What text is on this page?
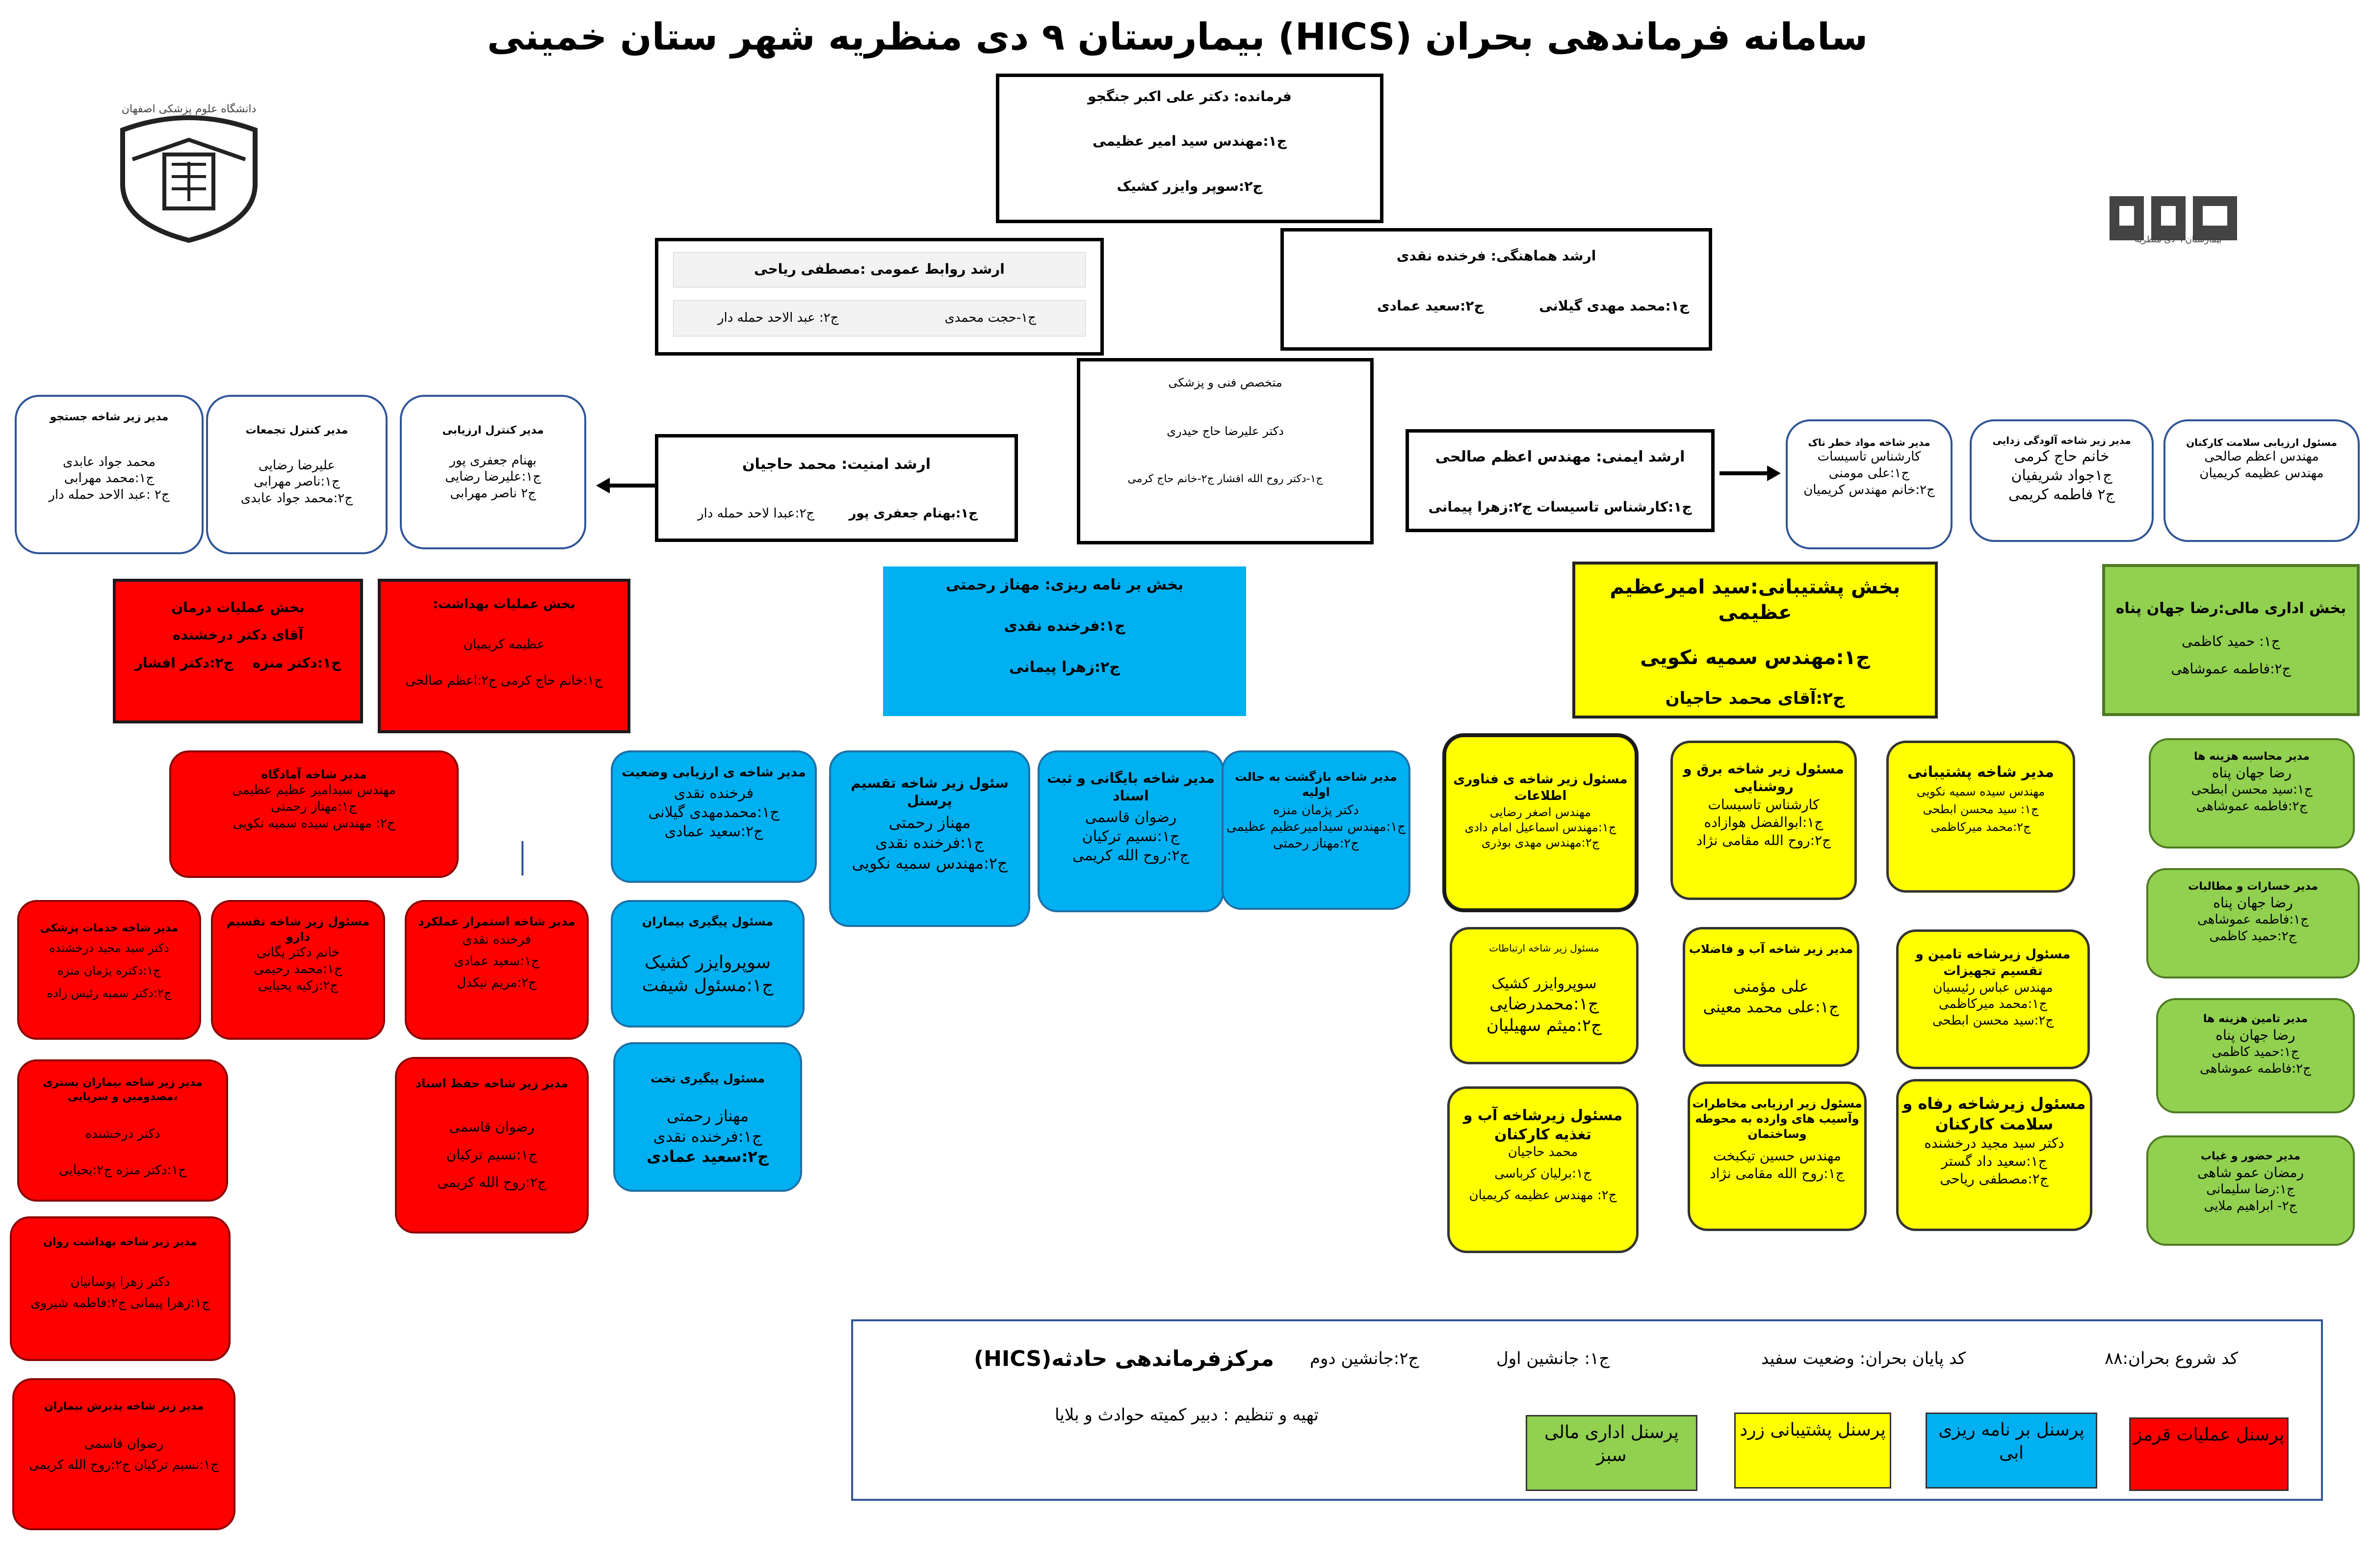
سامانه فرماندهی بحران (HICS) بیمارستان ۹ دی منظریه شهر ستان خمینی
دانشگاه علوم پزشکی اصفهان
بیمارستان ۹ دی منظریه
فرمانده: دکتر علی اکبر جنگجو
ج۱:مهندس سید امیر عظیمی
ج۲:سوپر وایزر کشیک
ارشد روابط عمومی :مصطفی ریاحی
ج۱-حجت محمدی
ج۲: عبد الاحد حمله دار
ارشد هماهنگی: فرخنده نقدی
ج۱:محمد مهدی گیلانی
ج۲:سعید عمادی
متخصص فنی و پزشکی
دکتر علیرضا حاج حیدری
ج۱-دکتر روح الله افشار ج۲-خانم حاج کرمی
ارشد امنیت: محمد حاجیان
ج۱:بهنام جعفری پور
ج۲:عبدا لاحد حمله دار
ارشد ایمنی: مهندس اعظم صالحی
ج۱:کارشناس تاسیسات ج۲:زهرا پیمانی
مدیر زیر شاخه جستجو
محمد جواد عابدی
ج۱:محمد مهرابی
ج۲ :عبد الاحد حمله دار
مدیر کنترل تجمعات
علیرضا رضایی
ج۱:ناصر مهرابی
ج۲:محمد جواد عابدی
مدیر کنترل ارزیابی
بهنام جعفری پور
ج۱:علیرضا رضایی
ج۲ ناصر مهرابی
مدیر شاخه مواد خطر ناک
کارشناس تاسیسات
ج۱:علی مومنی
ج۲:خانم مهندس کریمیان
مدیر زیر شاخه آلودگی زدایی
خانم حاج کرمی
ج۱جواد شریفیان
ج۲ فاطمه کریمی
مسئول ارزیابی سلامت کارکنان
مهندس اعظم صالحی
مهندس عظیمه کریمیان
بخش عملیات درمان
آقای دکتر درخشنده
ج۱:دکتر منزه    ج۲:دکتر افشار
بخش عملیات بهداشت:
عظیمه کریمیان
ج۱:خانم حاج کرمی ج۲:اعظم صالحی
بخش بر نامه ریزی: مهناز رحمتی
ج۱:فرخنده نقدی
ج۲:زهرا پیمانی
بخش پشتیبانی:سید امیرعظیم عظیمی
ج۱:مهندس سمیه نکویی
ج۲:آقای محمد حاجیان
بخش اداری مالی:رضا جهان پناه
ج۱: حمید کاظمی
ج۲:فاطمه عموشاهی
مدیر شاخه آمادگاه
مهندس سیدامیر عظیم عظیمی
ج۱:مهناز رحمتی
ج۲: مهندس سیده سمیه نکویی
مدیر شاخه خدمات پزشکی
دکتر سید مجید درخشنده
ج۱:دکتره پژمان منزه
ج۲:دکتر سمیه رئیس زاده
مسئول زیر شاخه تقسیم دارو
خانم دکتر یگانی
ج۱:محمد رحیمی
ج۲:زکیه یحیایی
مدیر شاخه استمرار عملکرد
فرخنده نقدی
ج۱:سعید عمادی
ج۲:مریم نیکدل
مدیر زیر شاخه بیماران بستری ،مصدومین و سرپایی
دکتر درخشنده
ج۱:دکتر منزه ج۲:یحیایی
مدیر زیر شاخه حفظ اسناد
رضوان قاسمی
ج۱:نسیم ترکیان
ج۲:روح الله کریمی
مدیر زیر شاخه بهداشت روان
دکتر زهرا پوسانیان
ج۱:زهرا پیمانی ج۲:فاطمه شیروی
مدیر زیر شاخه پذیرش بیماران
رضوان قاسمی
ج۱:نسیم ترکیان ج۲:روح الله کریمی
مدیر شاخه ی ارزیابی وضعیت
فرخنده نقدی
ج۱:محمدمهدی گیلانی
ج۲:سعید عمادی
سئول زیر شاخه تقسیم پرسنل
مهناز رحمتی
ج۱:فرخنده نقدی
ج۲:مهندس سمیه نکویی
مدیر شاخه بایگانی و ثبت اسناد
رضوان قاسمی
ج۱:نسیم ترکیان
ج۲:روح الله کریمی
مدیر شاخه بازگشت به حالت اولیه
دکتر پژمان منزه
ج۱:مهندس سیدامیرعظیم عظیمی
ج۲:مهناز رحمتی
مسئول پیگیری بیماران
سوپروایزر کشیک
ج۱:مسئول شیفت
مسئول پیگیری تخت
مهناز رحمتی
ج۱:فرخنده نقدی
ج۲:سعید عمادی
مسئول زیر شاخه ی فناوری اطلاعات
مهندس اصغر رضایی
ج۱:مهندس اسماعیل امام دادی
ج۲:مهندس مهدی بوذری
مسئول زیر شاخه برق و روشنایی
کارشناس تاسیسات
ج۱:ابوالفضل هوازاده
ج۲:روح الله مقامی نژاد
مدیر شاخه پشتیبانی
مهندس سیده سمیه نکویی
ج۱: سید محسن ابطحی
ج۲:محمد میرکاظمی
مسئول زیر شاخه ارتباطات
سوپروایزر کشیک
ج۱:محمدرضایی
ج۲:میثم سهیلیان
مدیر زیر شاخه آب و فاضلاب
علی مؤمنی
ج۱:علی محمد معینی
مسئول زیرشاخه تامین و تقسیم تجهیزات
مهندس عباس رئیسیان
ج۱:محمد میرکاظمی
ج۲:سید محسن ابطحی
مسئول زیرشاخه آب و تغذیه کارکنان
محمد حاجیان
ج۱:برلیان کرباسی
ج۲: مهندس عظیمه کریمیان
مسئول زیر ارزیابی مخاطرات وآسیب های وارده به محوطه وساختمان
مهندس حسین تیکبخت
ج۱:روح الله مقامی نژاد
مسئول زیرشاخه رفاه و سلامت کارکنان
دکتر سید مجید درخشنده
ج۱:سعید داد گستر
ج۲:مصطفی ریاحی
مدیر محاسبه هزینه ها
رضا جهان پناه
ج۱:سید محسن ابطحی
ج۲:فاطمه عموشاهی
مدیر خسارات و مطالبات
رضا جهان پناه
ج۱:فاطمه عموشاهی
ج۲:حمید کاظمی
مدیر تامین هزینه ها
رضا جهان پناه
ج۱:حمید کاظمی
ج۲:فاطمه عموشاهی
مدیر حضور و غیاب
رمضان عمو شاهی
ج۱:رضا سلیمانی
ج۲- ابراهیم ملایی
مرکزفرماندهی حادثه(HICS) ج۲:جانشین دوم	ج۱: جانشین اول	کد پایان بحران: وضعیت سفید	کد شروع بحران:۸۸
تهیه و تنظیم : دبیر کمیته حوادث و بلایا
پرسنل عملیات قرمز
پرسنل بر نامه ریزی ابی
پرسنل پشتیبانی زرد
پرسنل اداری مالی سبز
